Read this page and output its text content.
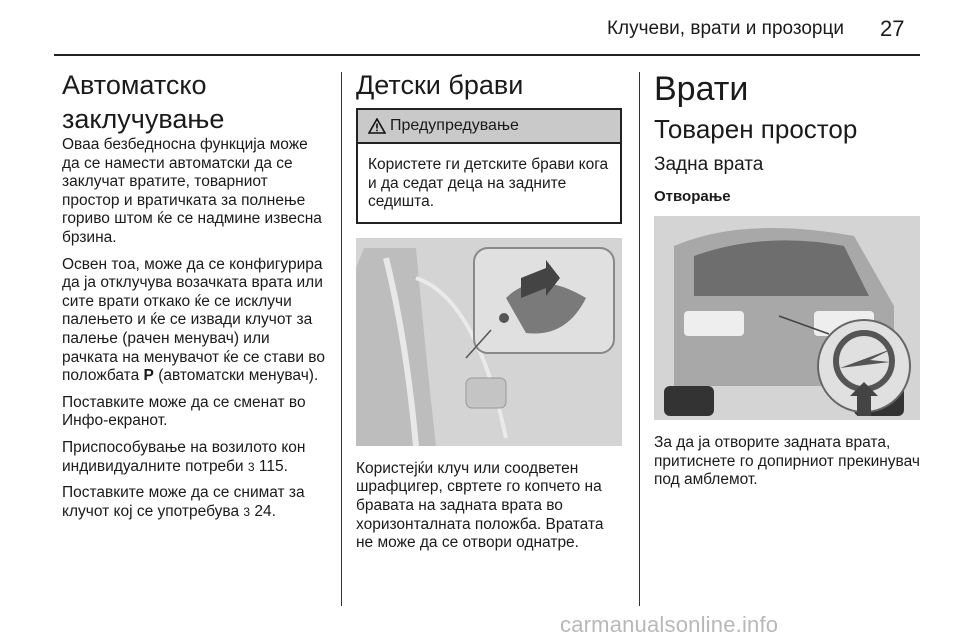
Клучеви, врати и прозорци 27
Автоматско заклучување

Оваа безбедносна функција може да се намести автоматски да се заклучат вратите, товарниот простор и вратичката за полнење гориво штом ќе се надмине извесна брзина.

Освен тоа, може да се конфигурира да ја отклучува возачката врата или сите врати откако ќе се исклучи палењето и ќе се извади клучот за палење (рачен менувач) или рачката на менувачот ќе се стави во положбата P (автоматски менувач).

Поставките може да се сменат во Инфо-екранот.

Приспособување на возилото кон индивидуалните потреби 3 115.

Поставките може да се снимат за клучот кој се употребува 3 24.

Детски брави
Предупредување
Користете ги детските брави кога и да седат деца на задните седишта.

Користејќи клуч или соодветен шрафцигер, свртете го копчето на бравата на задната врата во хоризонталната положба. Вратата не може да се отвори однатре.

Врати
Товарен простор
Задна врата
Отворање

За да ја отворите задната врата, притиснете го допирниот прекинувач под амблемот.

carmanualsonline.info
